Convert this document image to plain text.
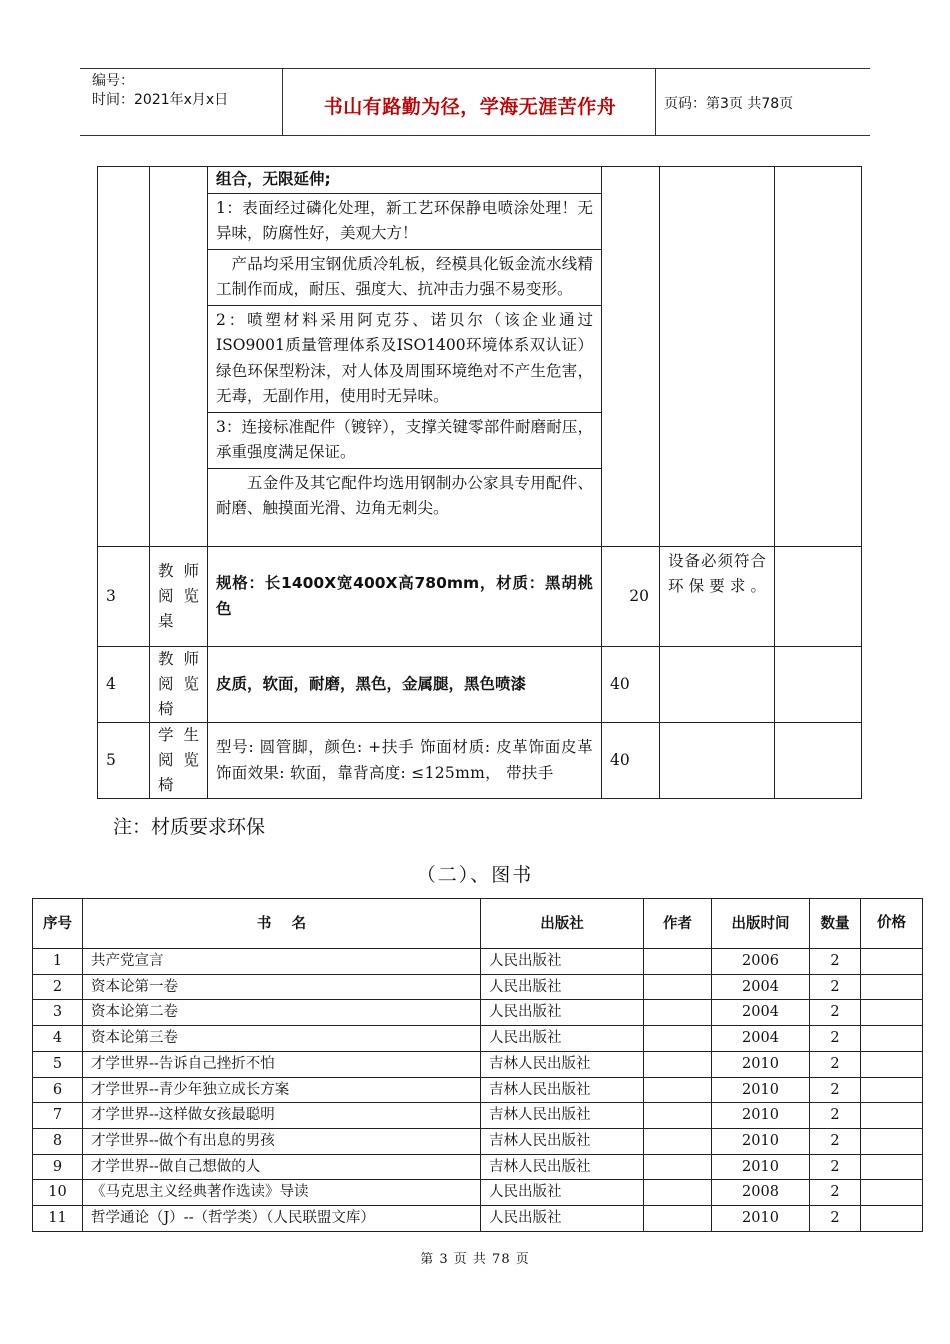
编号：
时间：2021年x月x日	书山有路勤为径，学海无涯苦作舟	页码：第3页 共78页

组合，无限延伸;
1：表面经过磷化处理，新工艺环保静电喷涂处理！无异味，防腐性好，美观大方！
产品均采用宝钢优质冷轧板，经模具化钣金流水线精工制作而成，耐压、强度大、抗冲击力强不易变形。
2：喷塑材料采用阿克芬、诺贝尔（该企业通过ISO9001质量管理体系及ISO1400环境体系双认证）绿色环保型粉沫，对人体及周围环境绝对不产生危害，无毒，无副作用，使用时无异味。
3：连接标准配件（镀锌），支撑关键零部件耐磨耐压，承重强度满足保证。
五金件及其它配件均选用钢制办公家具专用配件、耐磨、触摸面光滑、边角无刺尖。

3	教师阅览桌	规格：长1400X宽400X高780mm，材质：黑胡桃色	20	设备必须符合环保要求。	
4	教师阅览椅	皮质，软面，耐磨，黑色，金属腿，黑色喷漆	40		
5	学生阅览椅	型号: 圆管脚，颜色: +扶手 饰面材质: 皮革饰面皮革饰面效果: 软面，靠背高度: ≤125mm， 带扶手	40		
注：材质要求环保
（二）、图书
序号	书    名	出版社	作者	出版时间	数量	价格
1	共产党宣言	人民出版社		2006	2	
2	资本论第一卷	人民出版社		2004	2	
3	资本论第二卷	人民出版社		2004	2	
4	资本论第三卷	人民出版社		2004	2	
5	才学世界--告诉自己挫折不怕	吉林人民出版社		2010	2	
6	才学世界--青少年独立成长方案	吉林人民出版社		2010	2	
7	才学世界--这样做女孩最聪明	吉林人民出版社		2010	2	
8	才学世界--做个有出息的男孩	吉林人民出版社		2010	2	
9	才学世界--做自己想做的人	吉林人民出版社		2010	2	
10	《马克思主义经典著作选读》导读	人民出版社		2008	2	
11	哲学通论（J）--（哲学类）（人民联盟文库）	人民出版社		2010	2	
第 3 页 共 78 页
